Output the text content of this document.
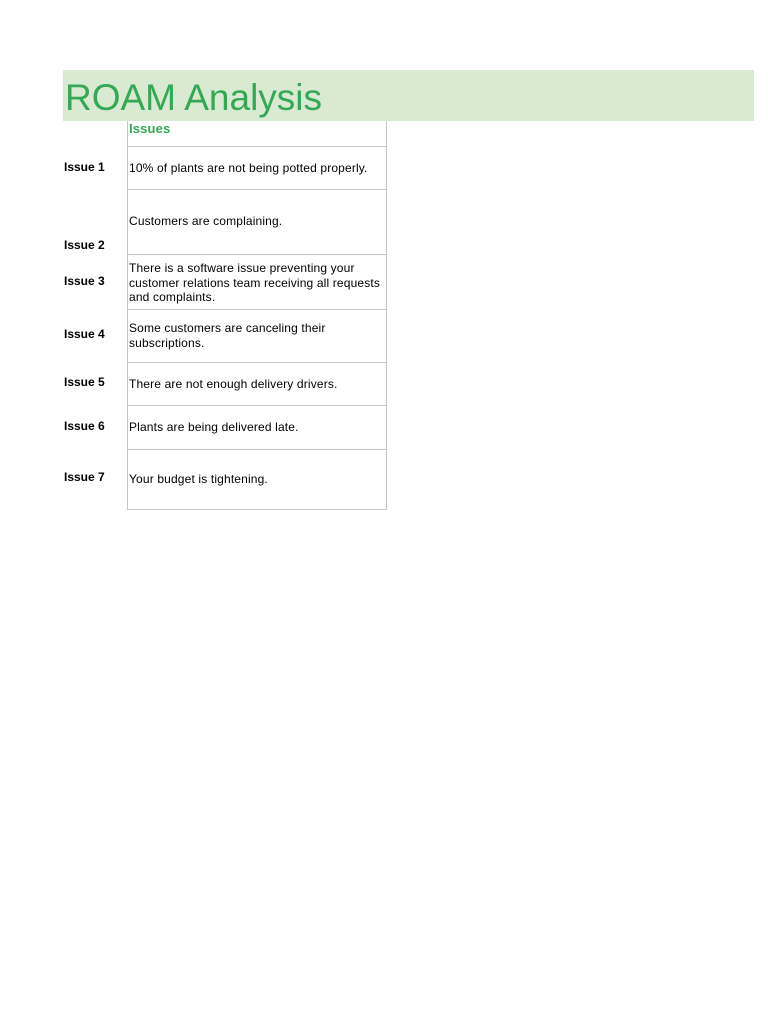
ROAM Analysis
Issue 1
Issue 2
Issue 3
Issue 4
Issue 5
Issue 6
Issue 7
Issues
10% of plants are not being potted properly.
Customers are complaining.
There is a software issue preventing your customer relations team receiving all requests and complaints.
Some customers are canceling their subscriptions.
There are not enough delivery drivers.
Plants are being delivered late.
Your budget is tightening.
